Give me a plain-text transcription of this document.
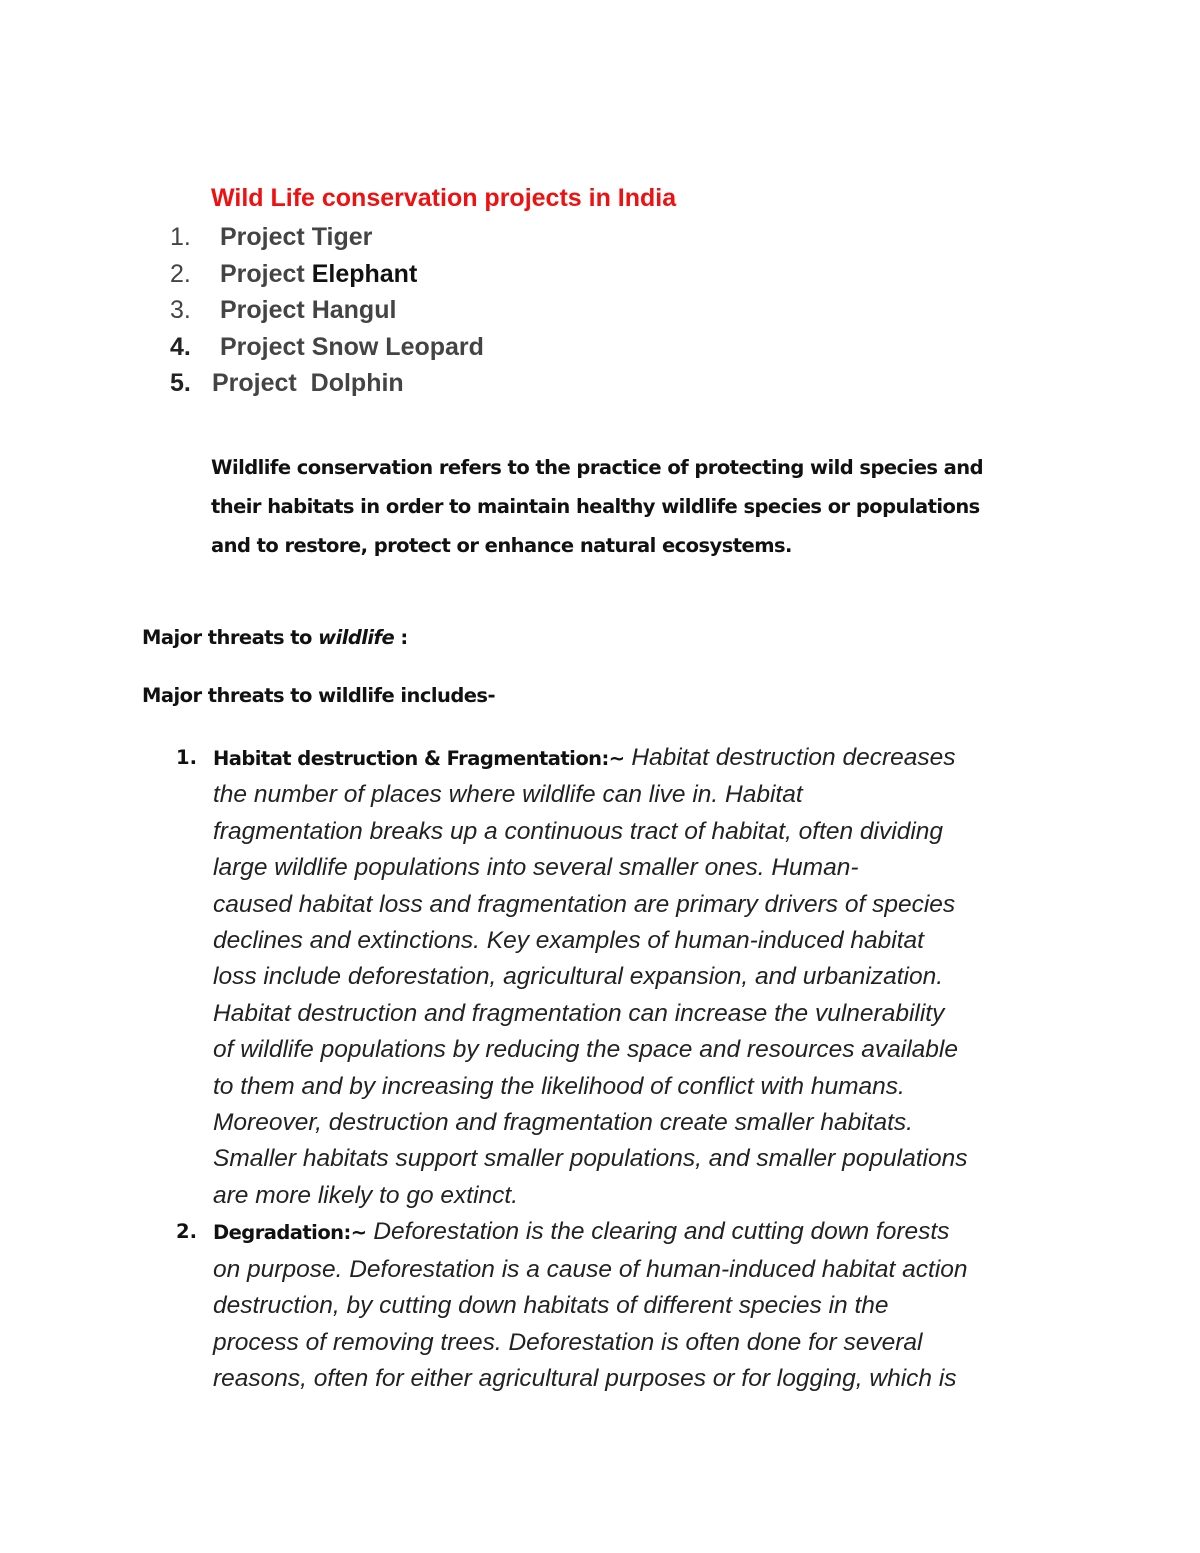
Wild Life conservation projects in India
1. Project Tiger
2. Project Elephant
3. Project Hangul
4. Project Snow Leopard
5. Project  Dolphin

Wildlife conservation refers to the practice of protecting wild species and
their habitats in order to maintain healthy wildlife species or populations
and to restore, protect or enhance natural ecosystems.

Major threats to wildlife :
Major threats to wildlife includes-
1. Habitat destruction & Fragmentation:~ Habitat destruction decreases
the number of places where wildlife can live in. Habitat
fragmentation breaks up a continuous tract of habitat, often dividing
large wildlife populations into several smaller ones. Human-
caused habitat loss and fragmentation are primary drivers of species
declines and extinctions. Key examples of human-induced habitat
loss include deforestation, agricultural expansion, and urbanization.
Habitat destruction and fragmentation can increase the vulnerability
of wildlife populations by reducing the space and resources available
to them and by increasing the likelihood of conflict with humans.
Moreover, destruction and fragmentation create smaller habitats.
Smaller habitats support smaller populations, and smaller populations
are more likely to go extinct.
2. Degradation:~ Deforestation is the clearing and cutting down forests
on purpose. Deforestation is a cause of human-induced habitat action
destruction, by cutting down habitats of different species in the
process of removing trees. Deforestation is often done for several
reasons, often for either agricultural purposes or for logging, which is
